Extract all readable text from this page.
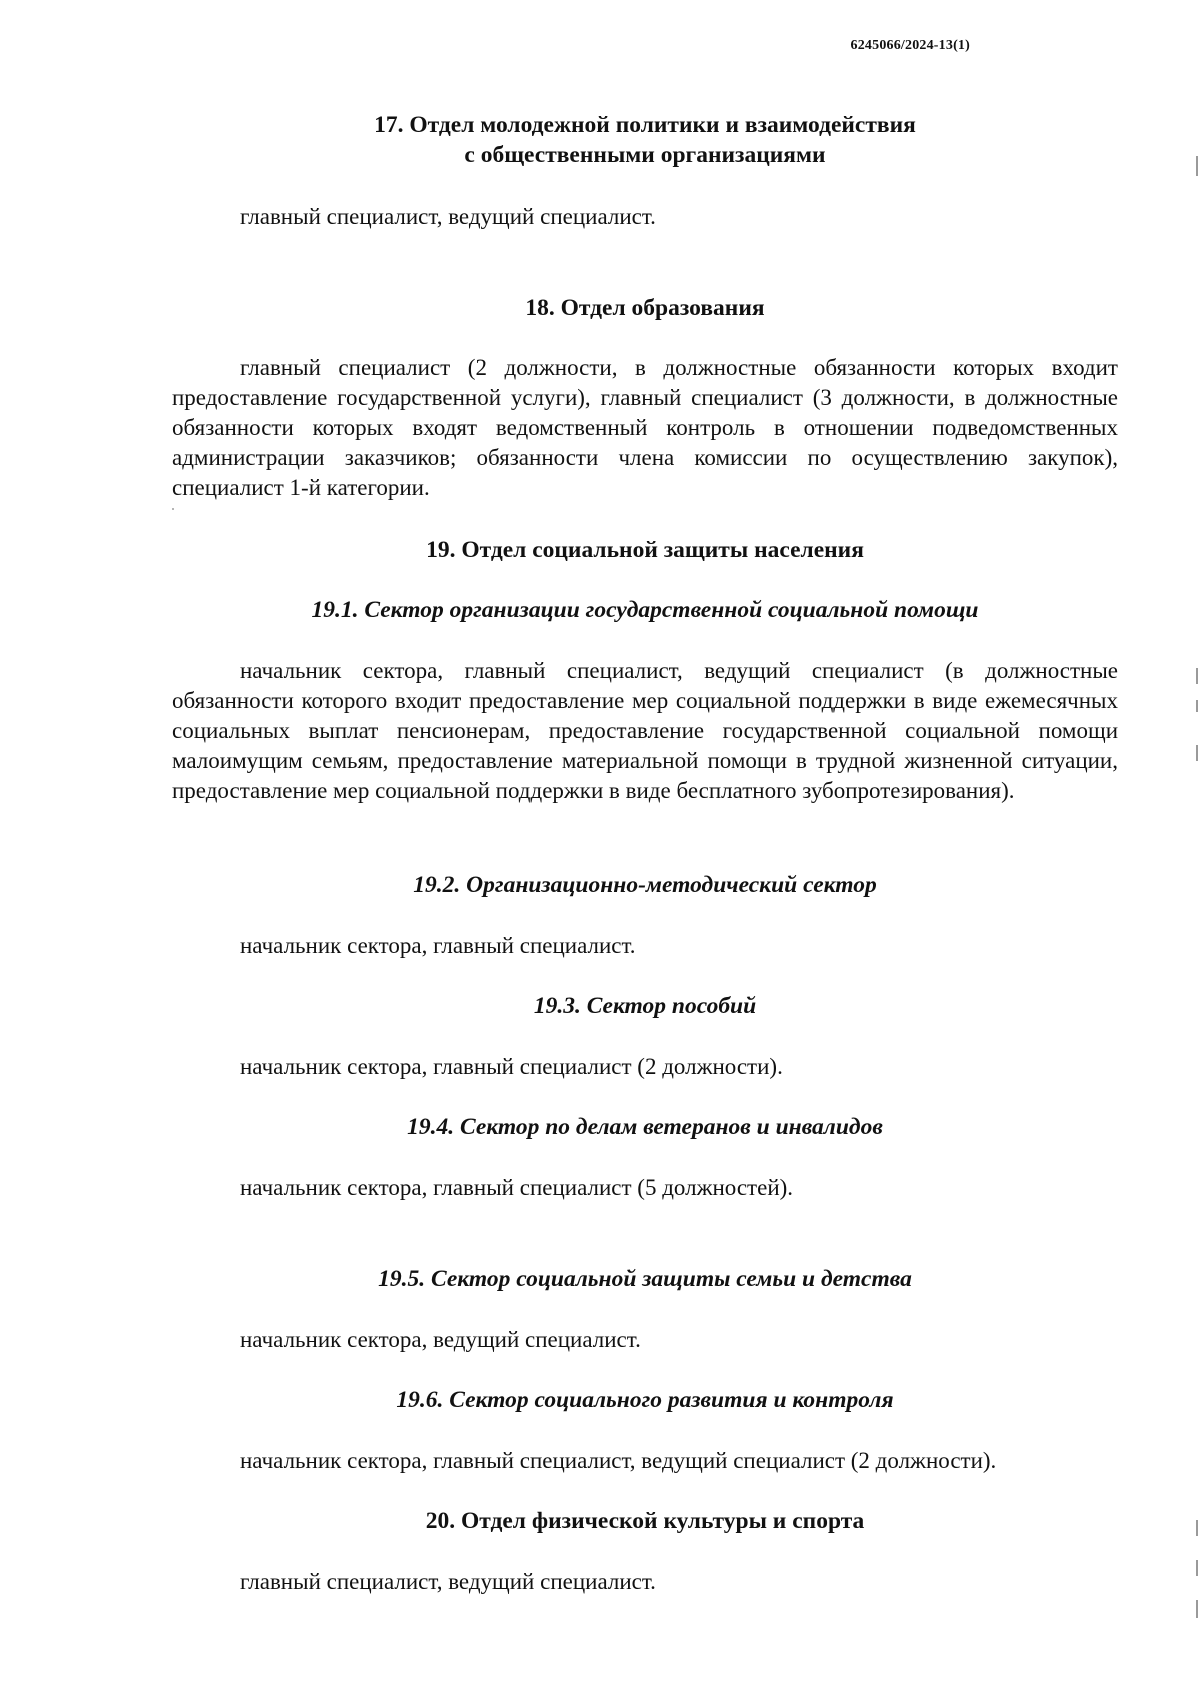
6245066/2024-13(1)

17. Отдел молодежной политики и взаимодействия

с общественными организациями

главный специалист, ведущий специалист.

18. Отдел образования

главный специалист (2 должности, в должностные обязанности которых входит предоставление государственной услуги), главный специалист (3 должности, в должностные обязанности которых входят ведомственный контроль в отношении подведомственных администрации заказчиков; обязанности члена комиссии по осуществлению закупок), специалист 1-й категории.

19. Отдел социальной защиты населения

19.1. Сектор организации государственной социальной помощи

начальник сектора, главный специалист, ведущий специалист (в должностные обязанности которого входит предоставление мер социальной поддержки в виде ежемесячных социальных выплат пенсионерам, предоставление государственной социальной помощи малоимущим семьям, предоставление материальной помощи в трудной жизненной ситуации, предоставление мер социальной поддержки в виде бесплатного зубопротезирования).

19.2. Организационно-методический сектор

начальник сектора, главный специалист.

19.3. Сектор пособий

начальник сектора, главный специалист (2 должности).

19.4. Сектор по делам ветеранов и инвалидов

начальник сектора, главный специалист (5 должностей).

19.5. Сектор социальной защиты семьи и детства

начальник сектора, ведущий специалист.

19.6. Сектор социального развития и контроля

начальник сектора, главный специалист, ведущий специалист (2 должности).

20. Отдел физической культуры и спорта

главный специалист, ведущий специалист.
